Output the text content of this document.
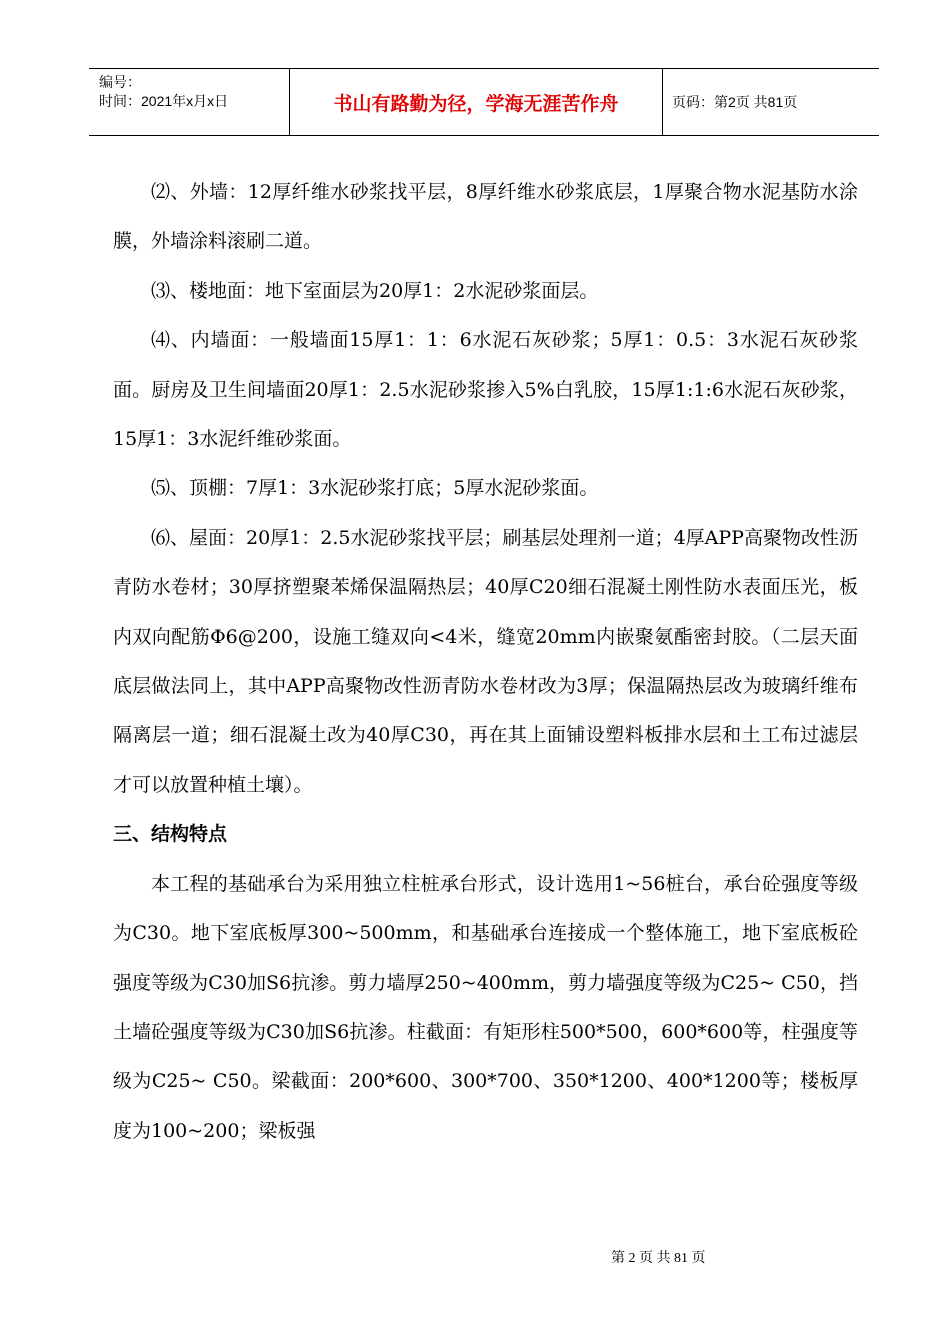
编号：
时间：2021年x月x日	书山有路勤为径，学海无涯苦作舟	页码：第2页 共81页

⑵、外墙：12厚纤维水砂浆找平层，8厚纤维水砂浆底层，1厚聚合物水泥基防水涂膜，外墙涂料滚刷二道。

⑶、楼地面：地下室面层为20厚1：2水泥砂浆面层。

⑷、内墙面：一般墙面15厚1：1：6水泥石灰砂浆；5厚1：0.5：3水泥石灰砂浆面。厨房及卫生间墙面20厚1：2.5水泥砂浆掺入5%白乳胶，15厚1:1:6水泥石灰砂浆，15厚1：3水泥纤维砂浆面。

⑸、顶棚：7厚1：3水泥砂浆打底；5厚水泥砂浆面。

⑹、屋面：20厚1：2.5水泥砂浆找平层；刷基层处理剂一道；4厚APP高聚物改性沥青防水卷材；30厚挤塑聚苯烯保温隔热层；40厚C20细石混凝土刚性防水表面压光，板内双向配筋Φ6@200，设施工缝双向<4米，缝宽20mm内嵌聚氨酯密封胶。（二层天面底层做法同上，其中APP高聚物改性沥青防水卷材改为3厚；保温隔热层改为玻璃纤维布隔离层一道；细石混凝土改为40厚C30，再在其上面铺设塑料板排水层和土工布过滤层才可以放置种植土壤）。

三、结构特点

本工程的基础承台为采用独立柱桩承台形式，设计选用1~56桩台，承台砼强度等级为C30。地下室底板厚300~500mm，和基础承台连接成一个整体施工，地下室底板砼强度等级为C30加S6抗渗。剪力墙厚250~400mm，剪力墙强度等级为C25~ C50，挡土墙砼强度等级为C30加S6抗渗。柱截面：有矩形柱500*500，600*600等，柱强度等级为C25~ C50。梁截面：200*600、300*700、350*1200、400*1200等；楼板厚度为100~200；梁板强

第 2 页 共 81 页
